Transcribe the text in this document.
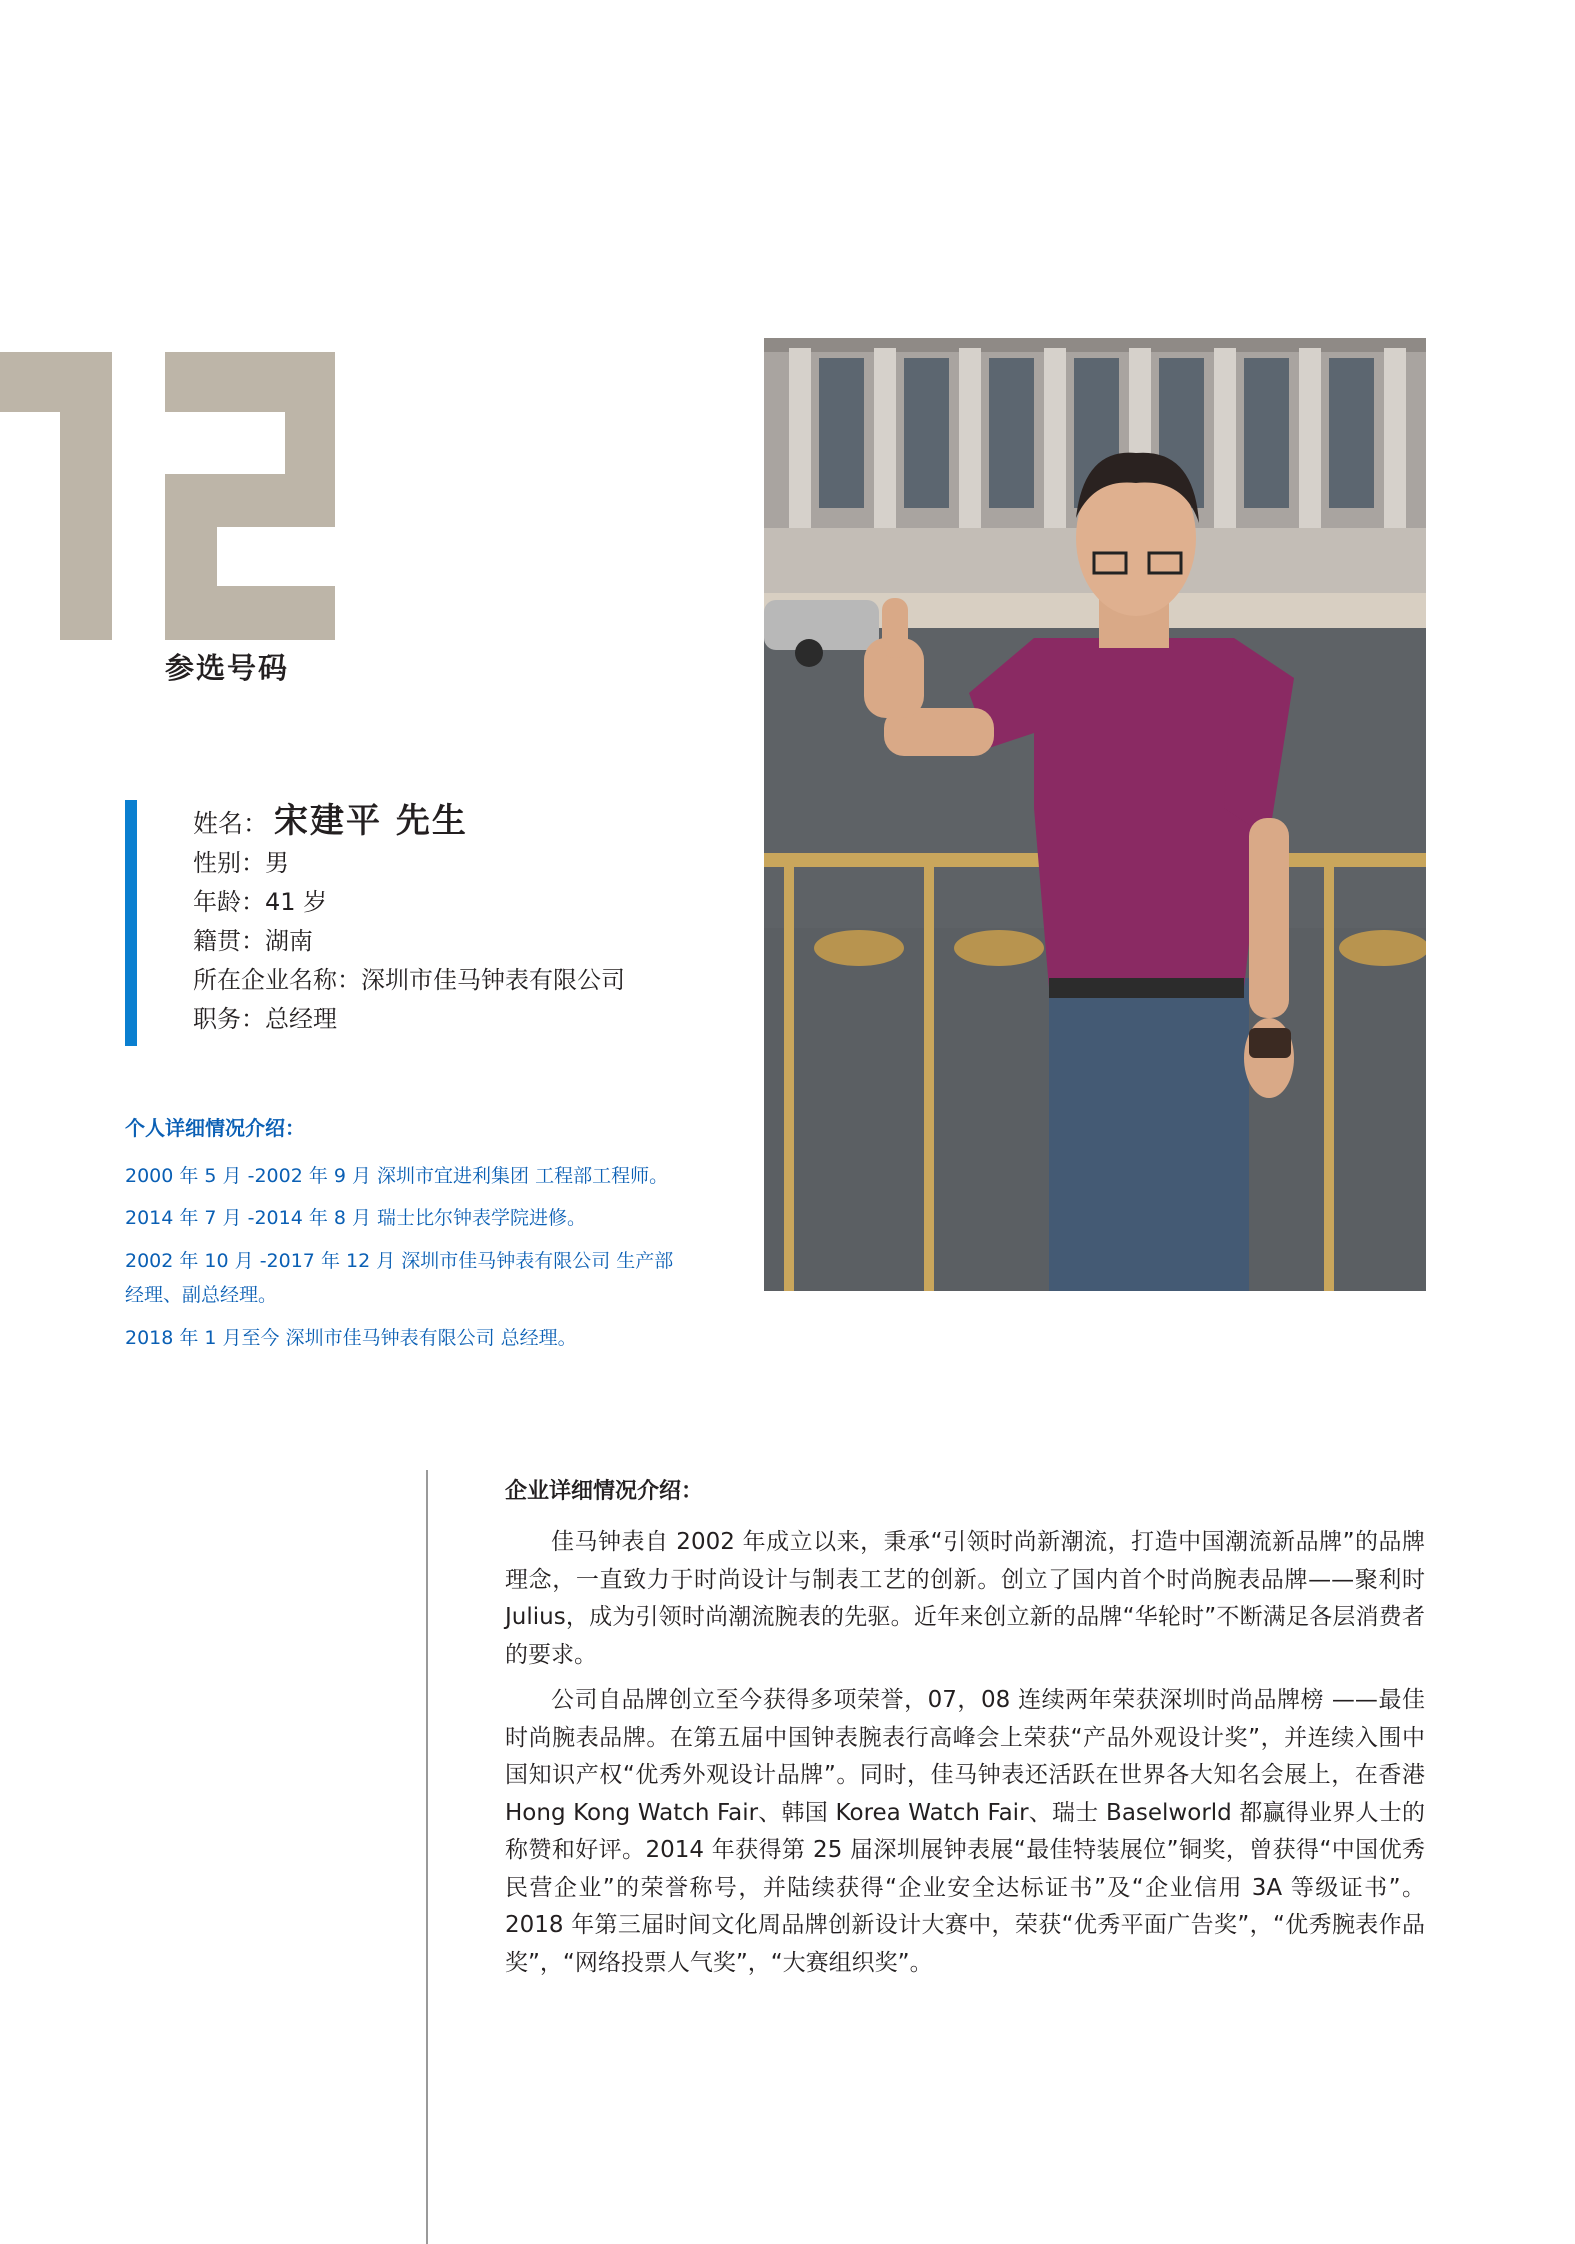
参选号码
姓名： 宋建平 先生
性别：男
年龄：41 岁
籍贯：湖南
所在企业名称：深圳市佳马钟表有限公司
职务：总经理
个人详细情况介绍：
2000 年 5 月 -2002 年 9 月 深圳市宜进利集团 工程部工程师。
2014 年 7 月 -2014 年 8 月 瑞士比尔钟表学院进修。
2002 年 10 月 -2017 年 12 月 深圳市佳马钟表有限公司 生产部经理、副总经理。
2018 年 1 月至今 深圳市佳马钟表有限公司 总经理。
企业详细情况介绍：

佳马钟表自 2002 年成立以来，秉承“引领时尚新潮流，打造中国潮流新品牌”的品牌理念，一直致力于时尚设计与制表工艺的创新。创立了国内首个时尚腕表品牌——聚利时 Julius，成为引领时尚潮流腕表的先驱。近年来创立新的品牌“华轮时”不断满足各层消费者的要求。

公司自品牌创立至今获得多项荣誉，07，08 连续两年荣获深圳时尚品牌榜 ——最佳时尚腕表品牌。在第五届中国钟表腕表行高峰会上荣获“产品外观设计奖”，并连续入围中国知识产权“优秀外观设计品牌”。同时，佳马钟表还活跃在世界各大知名会展上，在香港 Hong Kong Watch Fair、韩国 Korea Watch Fair、瑞士 Baselworld 都赢得业界人士的称赞和好评。2014 年获得第 25 届深圳展钟表展“最佳特装展位”铜奖，曾获得“中国优秀民营企业”的荣誉称号，并陆续获得“企业安全达标证书”及“企业信用 3A 等级证书”。2018 年第三届时间文化周品牌创新设计大赛中，荣获“优秀平面广告奖”，“优秀腕表作品奖”，“网络投票人气奖”，“大赛组织奖”。
